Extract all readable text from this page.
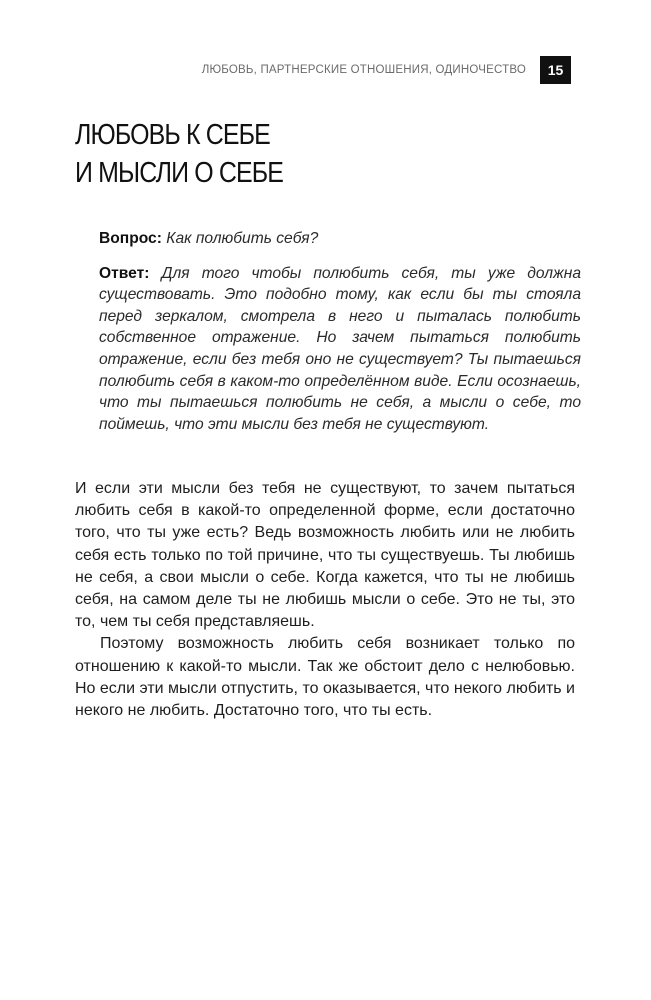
ЛЮБОВЬ, ПАРТНЕРСКИЕ ОТНОШЕНИЯ, ОДИНОЧЕСТВО	15
ЛЮБОВЬ К СЕБЕ
И МЫСЛИ О СЕБЕ

Вопрос: Как полюбить себя?

Ответ: Для того чтобы полюбить себя, ты уже должна существовать. Это подобно тому, как если бы ты стояла перед зеркалом, смотрела в него и пыталась полюбить собственное отражение. Но зачем пытаться полюбить отражение, если без тебя оно не существует? Ты пытаешься полюбить себя в каком-то определённом виде. Если осознаешь, что ты пытаешься полюбить не себя, а мысли о себе, то поймешь, что эти мысли без тебя не существуют.

И если эти мысли без тебя не существуют, то зачем пытаться любить себя в какой-то определенной форме, если достаточно того, что ты уже есть? Ведь возможность любить или не любить себя есть только по той причине, что ты существуешь. Ты любишь не себя, а свои мысли о себе. Когда кажется, что ты не любишь себя, на самом деле ты не любишь мысли о себе. Это не ты, это то, чем ты себя представляешь.

Поэтому возможность любить себя возникает только по отношению к какой-то мысли. Так же обстоит дело с нелюбовью. Но если эти мысли отпустить, то оказывается, что некого любить и некого не любить. Достаточно того, что ты есть.
